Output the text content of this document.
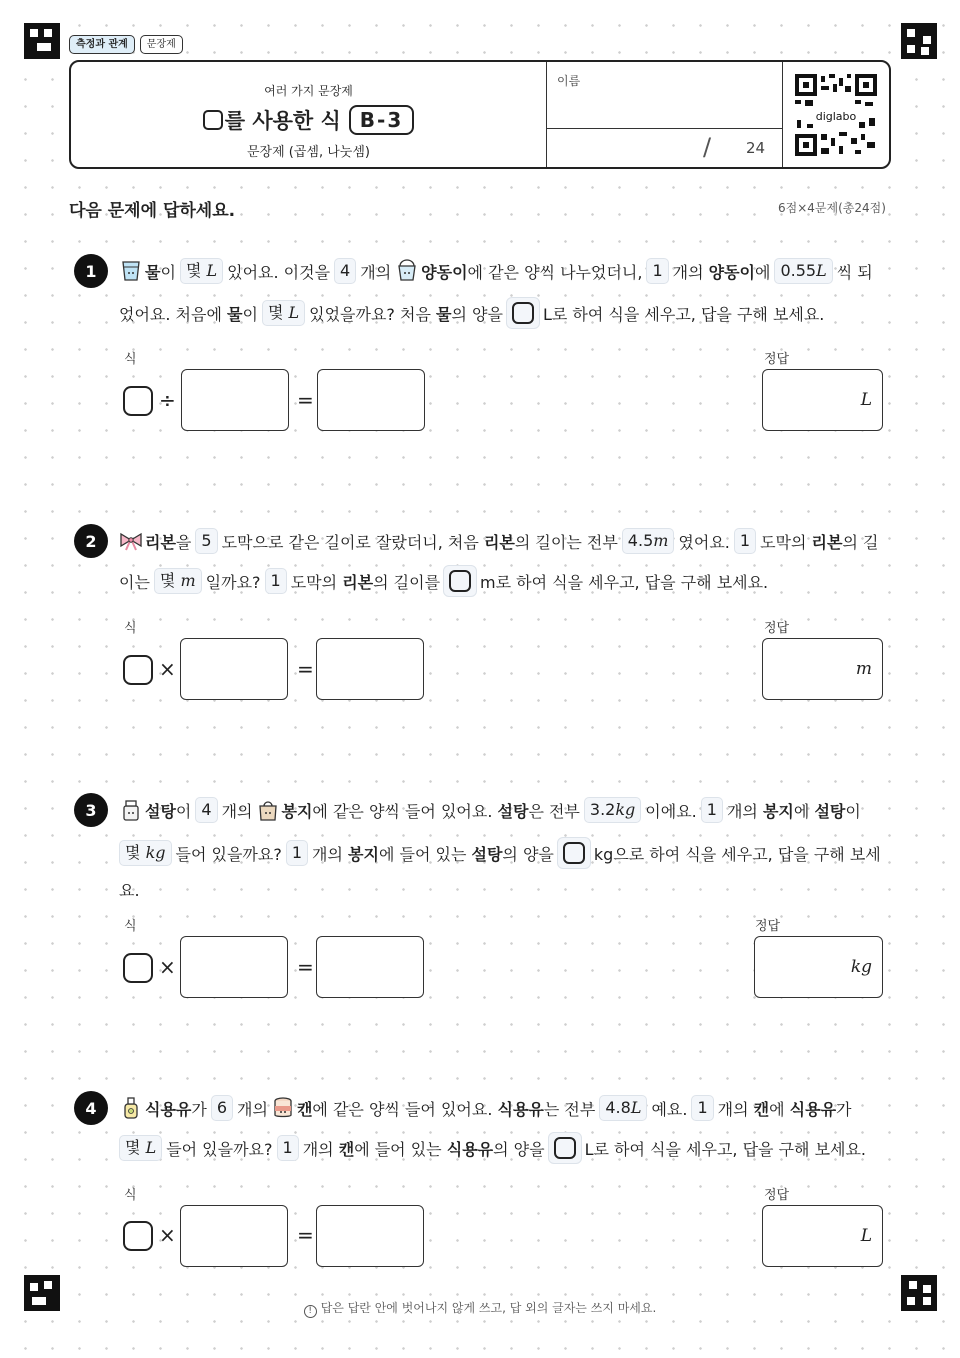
측정과 관계	문장제
여러 가지 문장제
를 사용한 식 B-3
문장제 (곱셈, 나눗셈)
이름
/ 24
diglabo
다음 문제에 답하세요.	6점×4문제(총24점)
1	물 이 몇 L 있어요. 이것을 4 개의 양동이 에 같은 양씩 나누었더니, 1 개의
양동이 에 0.55L 씩 되
었어요. 처음에
물 이 몇 L 있었을까요? 처음
물 의 양을	L로 하여 식을 세우고, 답을 구해 보세요.
식	정답
÷	=	L
2	리본 을 5 도막으로 같은 길이로 잘랐더니, 처음
리본 의 길이는 전부 4.5m 였어요. 1 도막의
리본 의 길
이는 몇 m 일까요? 1 도막의
리본 의 길이를	m로 하여 식을 세우고, 답을 구해 보세요.
식	정답
×	=	m
3	설탕 이 4 개의 봉지 에 같은 양씩 들어 있어요.
설탕 은 전부 3.2kg 이에요. 1 개의
봉지 에
설탕 이
몇 kg 들어 있을까요? 1 개의
봉지 에 들어 있는
설탕 의 양을	kg으로 하여 식을 세우고, 답을 구해 보세
요.
식	정답
×	=	kg
4	식용유 가 6 개의 캔 에 같은 양씩 들어 있어요.
식용유 는 전부 4.8L 예요. 1 개의
캔 에
식용유 가
몇 L 들어 있을까요? 1 개의
캔 에 들어 있는
식용유 의 양을	L로 하여 식을 세우고, 답을 구해 보세요.
식	정답
×	=	L
! 답은 답란 안에 벗어나지 않게 쓰고, 답 외의 글자는 쓰지 마세요.
